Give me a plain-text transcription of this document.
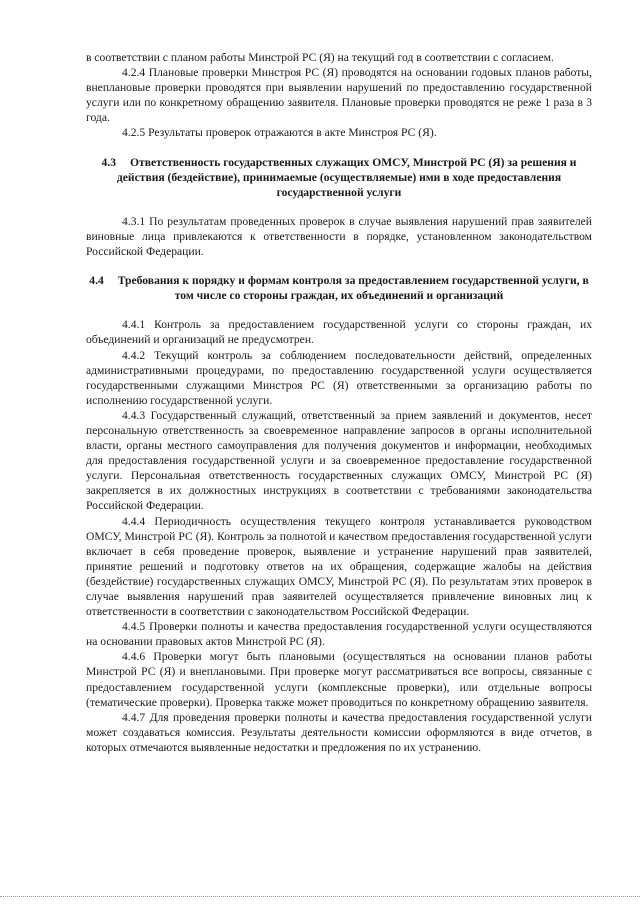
в соответствии с планом работы Минстрой РС (Я) на текущий год в соответствии с согласием.

4.2.4 Плановые проверки Минстроя РС (Я) проводятся на основании годовых планов работы, внеплановые проверки проводятся при выявлении нарушений по предоставлению государственной услуги или по конкретному обращению заявителя. Плановые проверки проводятся не реже 1 раза в 3 года.

4.2.5 Результаты проверок отражаются в акте Минстроя РС (Я).

4.3 Ответственность государственных служащих ОМСУ, Минстрой РС (Я) за решения и действия (бездействие), принимаемые (осуществляемые) ими в ходе предоставления государственной услуги

4.3.1 По результатам проведенных проверок в случае выявления нарушений прав заявителей виновные лица привлекаются к ответственности в порядке, установленном законодательством Российской Федерации.

4.4 Требования к порядку и формам контроля за предоставлением государственной услуги, в том числе со стороны граждан, их объединений и организаций

4.4.1 Контроль за предоставлением государственной услуги со стороны граждан, их объединений и организаций не предусмотрен.

4.4.2 Текущий контроль за соблюдением последовательности действий, определенных административными процедурами, по предоставлению государственной услуги осуществляется государственными служащими Минстроя РС (Я) ответственными за организацию работы по исполнению государственной услуги.

4.4.3 Государственный служащий, ответственный за прием заявлений и документов, несет персональную ответственность за своевременное направление запросов в органы исполнительной власти, органы местного самоуправления для получения документов и информации, необходимых для предоставления государственной услуги и за своевременное предоставление государственной услуги. Персональная ответственность государственных служащих ОМСУ, Минстрой РС (Я) закрепляется в их должностных инструкциях в соответствии с требованиями законодательства Российской Федерации.

4.4.4 Периодичность осуществления текущего контроля устанавливается руководством ОМСУ, Минстрой РС (Я). Контроль за полнотой и качеством предоставления государственной услуги включает в себя проведение проверок, выявление и устранение нарушений прав заявителей, принятие решений и подготовку ответов на их обращения, содержащие жалобы на действия (бездействие) государственных служащих ОМСУ, Минстрой РС (Я). По результатам этих проверок в случае выявления нарушений прав заявителей осуществляется привлечение виновных лиц к ответственности в соответствии с законодательством Российской Федерации.

4.4.5 Проверки полноты и качества предоставления государственной услуги осуществляются на основании правовых актов Минстрой РС (Я).

4.4.6 Проверки могут быть плановыми (осуществляться на основании планов работы Минстрой РС (Я) и внеплановыми. При проверке могут рассматриваться все вопросы, связанные с предоставлением государственной услуги (комплексные проверки), или отдельные вопросы (тематические проверки). Проверка также может проводиться по конкретному обращению заявителя.

4.4.7 Для проведения проверки полноты и качества предоставления государственной услуги может создаваться комиссия. Результаты деятельности комиссии оформляются в виде отчетов, в которых отмечаются выявленные недостатки и предложения по их устранению.
